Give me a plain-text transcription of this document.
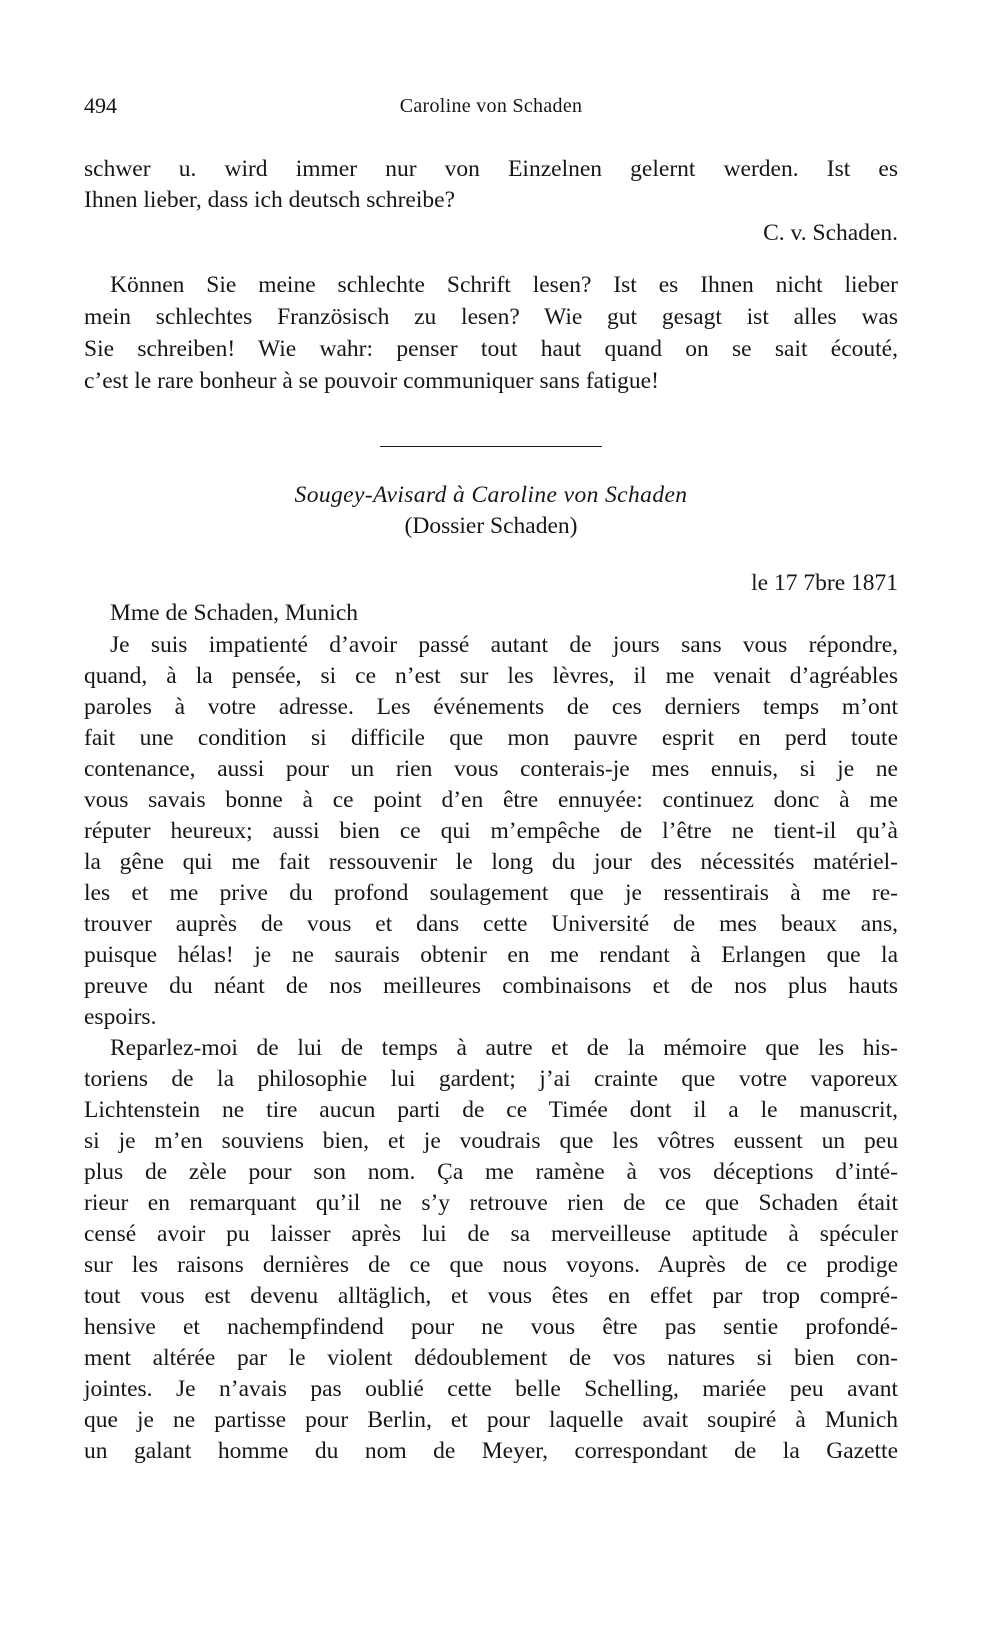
494	Caroline von Schaden
schwer u. wird immer nur von Einzelnen gelernt werden. Ist es
Ihnen lieber, dass ich deutsch schreibe?
C. v. Schaden.
Können Sie meine schlechte Schrift lesen? Ist es Ihnen nicht lieber
mein schlechtes Französisch zu lesen? Wie gut gesagt ist alles was
Sie schreiben! Wie wahr: penser tout haut quand on se sait écouté,
c’est le rare bonheur à se pouvoir communiquer sans fatigue!
Sougey-Avisard à Caroline von Schaden
(Dossier Schaden)
le 17 7bre 1871
Mme de Schaden, Munich
Je suis impatienté d’avoir passé autant de jours sans vous répondre,
quand, à la pensée, si ce n’est sur les lèvres, il me venait d’agréables
paroles à votre adresse. Les événements de ces derniers temps m’ont
fait une condition si difficile que mon pauvre esprit en perd toute
contenance, aussi pour un rien vous conterais-je mes ennuis, si je ne
vous savais bonne à ce point d’en être ennuyée: continuez donc à me
réputer heureux; aussi bien ce qui m’empêche de l’être ne tient-il qu’à
la gêne qui me fait ressouvenir le long du jour des nécessités matériel-
les et me prive du profond soulagement que je ressentirais à me re-
trouver auprès de vous et dans cette Université de mes beaux ans,
puisque hélas! je ne saurais obtenir en me rendant à Erlangen que la
preuve du néant de nos meilleures combinaisons et de nos plus hauts
espoirs.
Reparlez-moi de lui de temps à autre et de la mémoire que les his-
toriens de la philosophie lui gardent; j’ai crainte que votre vaporeux
Lichtenstein ne tire aucun parti de ce Timée dont il a le manuscrit,
si je m’en souviens bien, et je voudrais que les vôtres eussent un peu
plus de zèle pour son nom. Ça me ramène à vos déceptions d’inté-
rieur en remarquant qu’il ne s’y retrouve rien de ce que Schaden était
censé avoir pu laisser après lui de sa merveilleuse aptitude à spéculer
sur les raisons dernières de ce que nous voyons. Auprès de ce prodige
tout vous est devenu alltäglich, et vous êtes en effet par trop compré-
hensive et nachempfindend pour ne vous être pas sentie profondé-
ment altérée par le violent dédoublement de vos natures si bien con-
jointes. Je n’avais pas oublié cette belle Schelling, mariée peu avant
que je ne partisse pour Berlin, et pour laquelle avait soupiré à Munich
un galant homme du nom de Meyer, correspondant de la Gazette
